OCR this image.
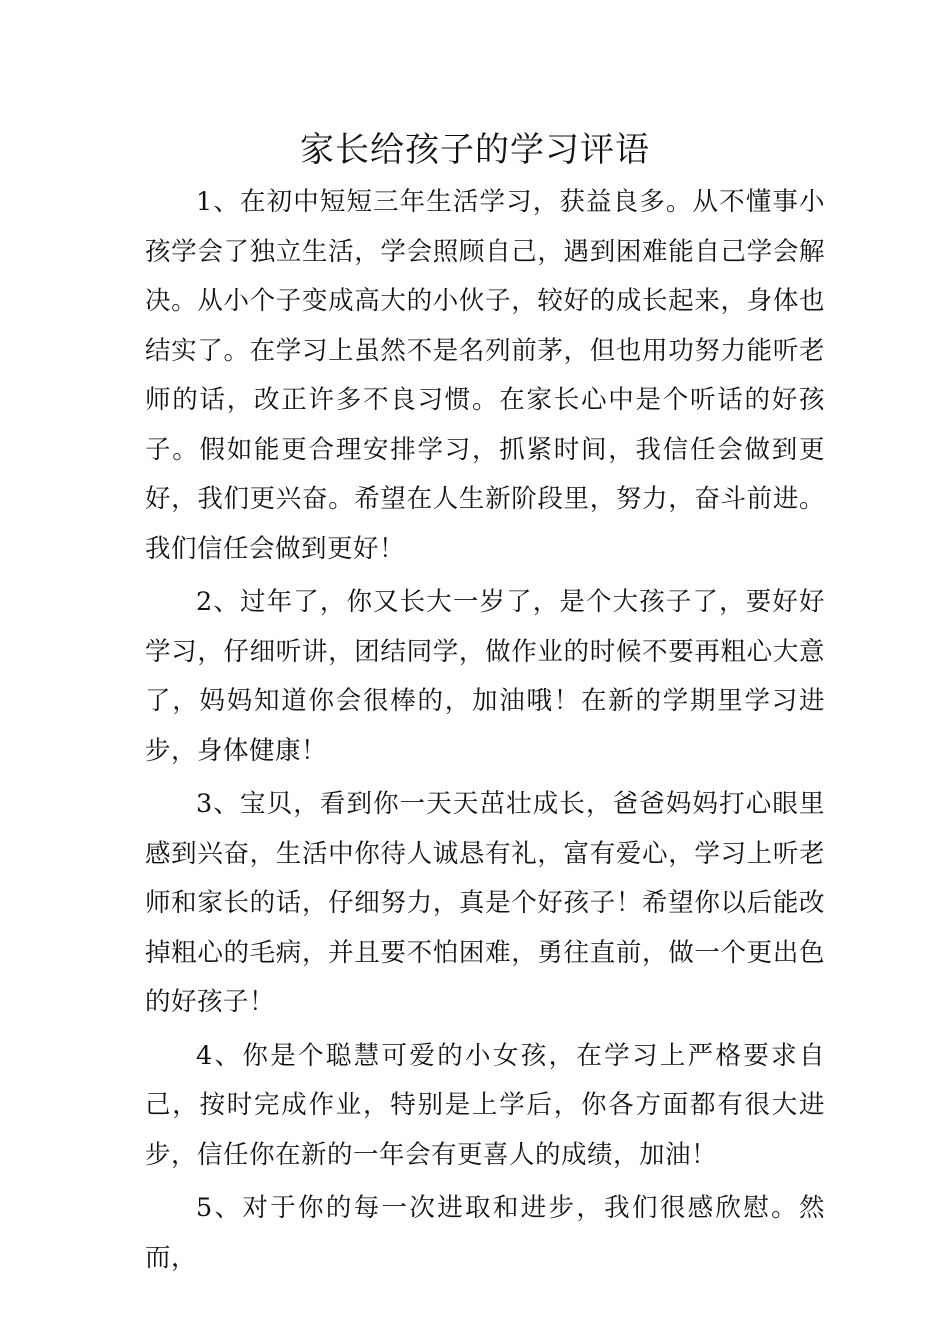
家长给孩子的学习评语

1、在初中短短三年生活学习，获益良多。从不懂事小孩学会了独立生活，学会照顾自己，遇到困难能自己学会解决。从小个子变成高大的小伙子，较好的成长起来，身体也结实了。在学习上虽然不是名列前茅，但也用功努力能听老师的话，改正许多不良习惯。在家长心中是个听话的好孩子。假如能更合理安排学习，抓紧时间，我信任会做到更好，我们更兴奋。希望在人生新阶段里，努力，奋斗前进。我们信任会做到更好！

2、过年了，你又长大一岁了，是个大孩子了，要好好学习，仔细听讲，团结同学，做作业的时候不要再粗心大意了，妈妈知道你会很棒的，加油哦！在新的学期里学习进步，身体健康！

3、宝贝，看到你一天天茁壮成长，爸爸妈妈打心眼里感到兴奋，生活中你待人诚恳有礼，富有爱心，学习上听老师和家长的话，仔细努力，真是个好孩子！希望你以后能改掉粗心的毛病，并且要不怕困难，勇往直前，做一个更出色的好孩子！

4、你是个聪慧可爱的小女孩，在学习上严格要求自己，按时完成作业，特别是上学后，你各方面都有很大进步，信任你在新的一年会有更喜人的成绩，加油！

5、对于你的每一次进取和进步，我们很感欣慰。然而，
